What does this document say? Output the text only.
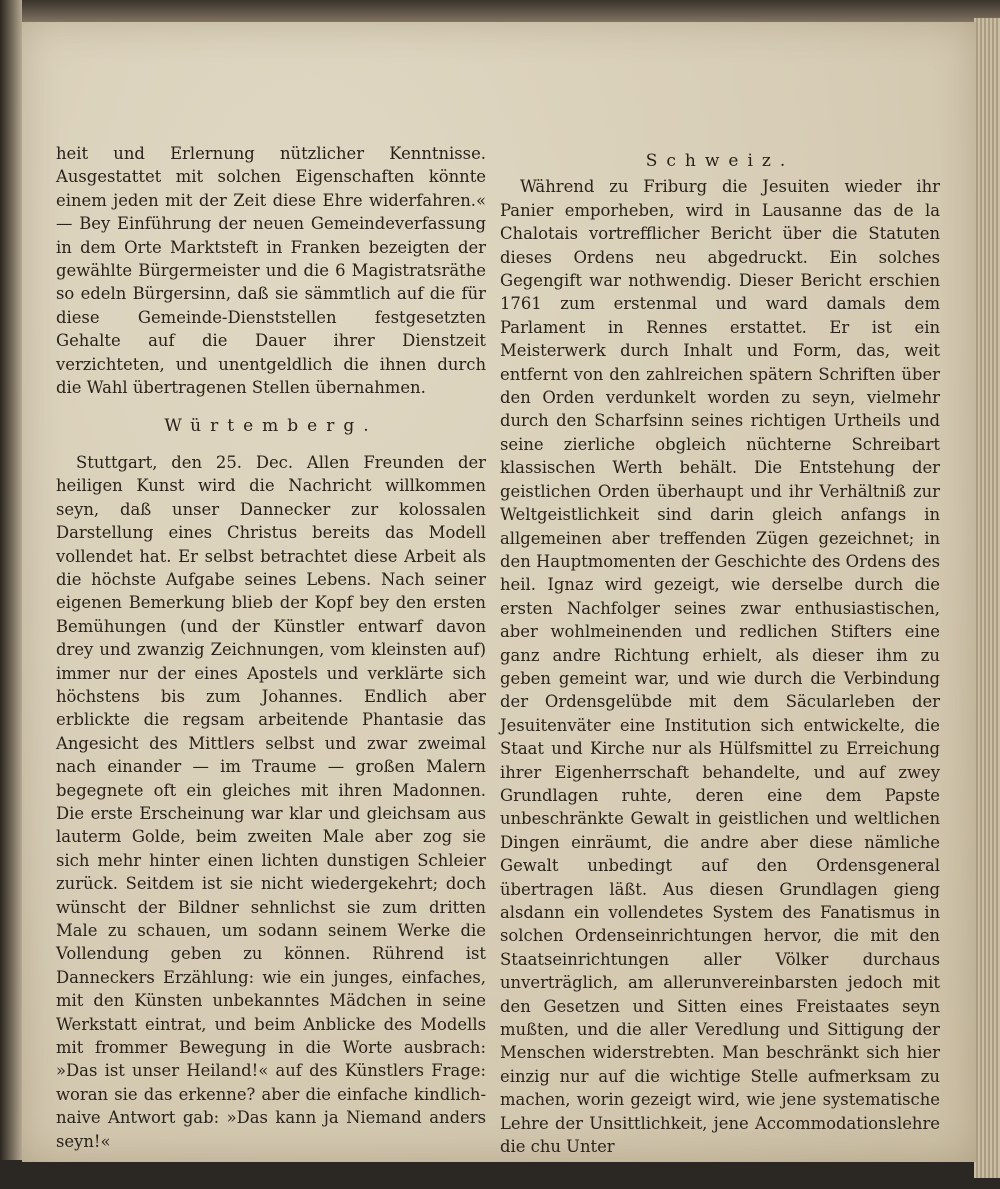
heit und Erlernung nützlicher Kenntnisse. Ausgestattet mit solchen Eigenschaften könnte einem jeden mit der Zeit diese Ehre widerfahren.« — Bey Einführung der neuen Gemeindeverfassung in dem Orte Marktsteft in Franken bezeigten der gewählte Bürgermeister und die 6 Magistratsräthe so edeln Bürgersinn, daß sie sämmtlich auf die für diese Gemeinde-Dienststellen festgesetzten Gehalte auf die Dauer ihrer Dienstzeit verzichteten, und unentgeldlich die ihnen durch die Wahl übertragenen Stellen übernahmen.

Würtemberg.

Stuttgart, den 25. Dec. Allen Freunden der heiligen Kunst wird die Nachricht willkommen seyn, daß unser Dannecker zur kolossalen Darstellung eines Christus bereits das Modell vollendet hat. Er selbst betrachtet diese Arbeit als die höchste Aufgabe seines Lebens. Nach seiner eigenen Bemerkung blieb der Kopf bey den ersten Bemühungen (und der Künstler entwarf davon drey und zwanzig Zeichnungen, vom kleinsten auf) immer nur der eines Apostels und verklärte sich höchstens bis zum Johannes. Endlich aber erblickte die regsam arbeitende Phantasie das Angesicht des Mittlers selbst und zwar zweimal nach einander — im Traume — großen Malern begegnete oft ein gleiches mit ihren Madonnen. Die erste Erscheinung war klar und gleichsam aus lauterm Golde, beim zweiten Male aber zog sie sich mehr hinter einen lichten dunstigen Schleier zurück. Seitdem ist sie nicht wiedergekehrt; doch wünscht der Bildner sehnlichst sie zum dritten Male zu schauen, um sodann seinem Werke die Vollendung geben zu können. Rührend ist Danneckers Erzählung: wie ein junges, einfaches, mit den Künsten unbekanntes Mädchen in seine Werkstatt eintrat, und beim Anblicke des Modells mit frommer Bewegung in die Worte ausbrach: »Das ist unser Heiland!« auf des Künstlers Frage: woran sie das erkenne? aber die einfache kindlich-naive Antwort gab: »Das kann ja Niemand anders seyn!«

Schweiz.

Während zu Friburg die Jesuiten wieder ihr Panier emporheben, wird in Lausanne das de la Chalotais vortrefflicher Bericht über die Statuten dieses Ordens neu abgedruckt. Ein solches Gegengift war nothwendig. Dieser Bericht erschien 1761 zum erstenmal und ward damals dem Parlament in Rennes erstattet. Er ist ein Meisterwerk durch Inhalt und Form, das, weit entfernt von den zahlreichen spätern Schriften über den Orden verdunkelt worden zu seyn, vielmehr durch den Scharfsinn seines richtigen Urtheils und seine zierliche obgleich nüchterne Schreibart klassischen Werth behält. Die Entstehung der geistlichen Orden überhaupt und ihr Verhältniß zur Weltgeistlichkeit sind darin gleich anfangs in allgemeinen aber treffenden Zügen gezeichnet; in den Hauptmomenten der Geschichte des Ordens des heil. Ignaz wird gezeigt, wie derselbe durch die ersten Nachfolger seines zwar enthusiastischen, aber wohlmeinenden und redlichen Stifters eine ganz andre Richtung erhielt, als dieser ihm zu geben gemeint war, und wie durch die Verbindung der Ordensgelübde mit dem Säcularleben der Jesuitenväter eine Institution sich entwickelte, die Staat und Kirche nur als Hülfsmittel zu Erreichung ihrer Eigenherrschaft behandelte, und auf zwey Grundlagen ruhte, deren eine dem Papste unbeschränkte Gewalt in geistlichen und weltlichen Dingen einräumt, die andre aber diese nämliche Gewalt unbedingt auf den Ordensgeneral übertragen läßt. Aus diesen Grundlagen gieng alsdann ein vollendetes System des Fanatismus in solchen Ordenseinrichtungen hervor, die mit den Staatseinrichtungen aller Völker durchaus unverträglich, am allerunvereinbarsten jedoch mit den Gesetzen und Sitten eines Freistaates seyn mußten, und die aller Veredlung und Sittigung der Menschen widerstrebten. Man beschränkt sich hier einzig nur auf die wichtige Stelle aufmerksam zu machen, worin gezeigt wird, wie jene systematische Lehre der Unsittlichkeit, jene Accommodationslehre die chu Unter
